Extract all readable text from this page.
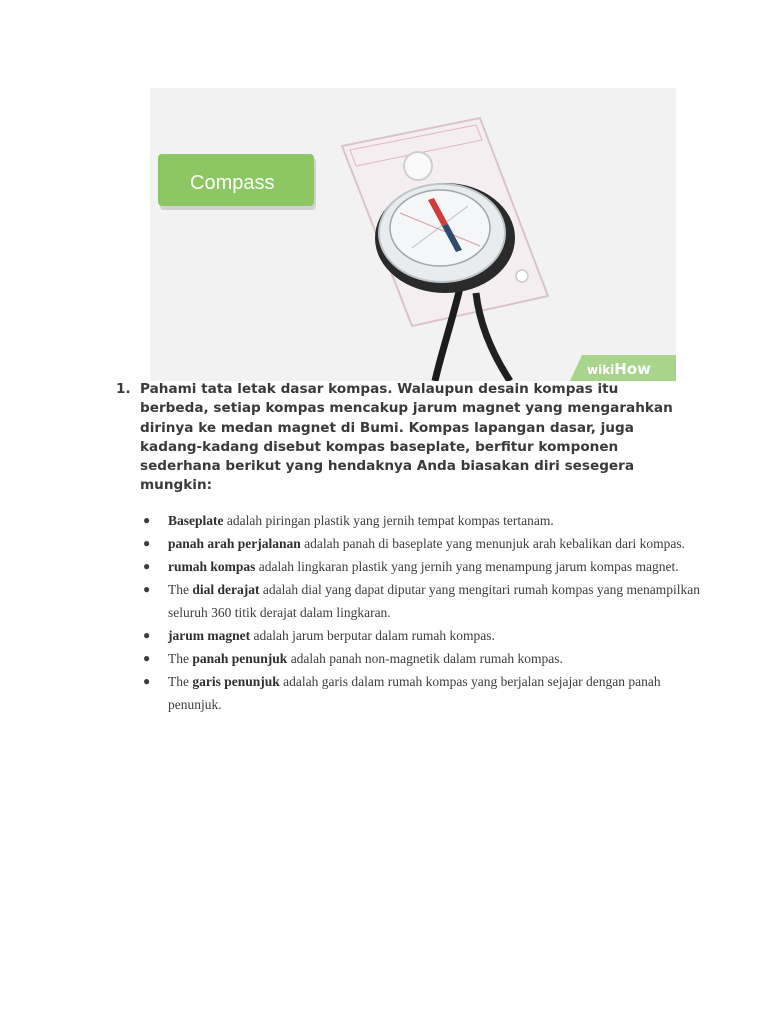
Compass
wikiHow
1. Pahami tata letak dasar kompas. Walaupun desain kompas itu berbeda, setiap kompas mencakup jarum magnet yang mengarahkan dirinya ke medan magnet di Bumi. Kompas lapangan dasar, juga kadang-kadang disebut kompas baseplate, berfitur komponen sederhana berikut yang hendaknya Anda biasakan diri sesegera mungkin:
● Baseplate adalah piringan plastik yang jernih tempat kompas tertanam.
● panah arah perjalanan adalah panah di baseplate yang menunjuk arah kebalikan dari kompas.
● rumah kompas adalah lingkaran plastik yang jernih yang menampung jarum kompas magnet.
● The dial derajat adalah dial yang dapat diputar yang mengitari rumah kompas yang menampilkan seluruh 360 titik derajat dalam lingkaran.
● jarum magnet adalah jarum berputar dalam rumah kompas.
● The panah penunjuk adalah panah non-magnetik dalam rumah kompas.
● The garis penunjuk adalah garis dalam rumah kompas yang berjalan sejajar dengan panah penunjuk.
